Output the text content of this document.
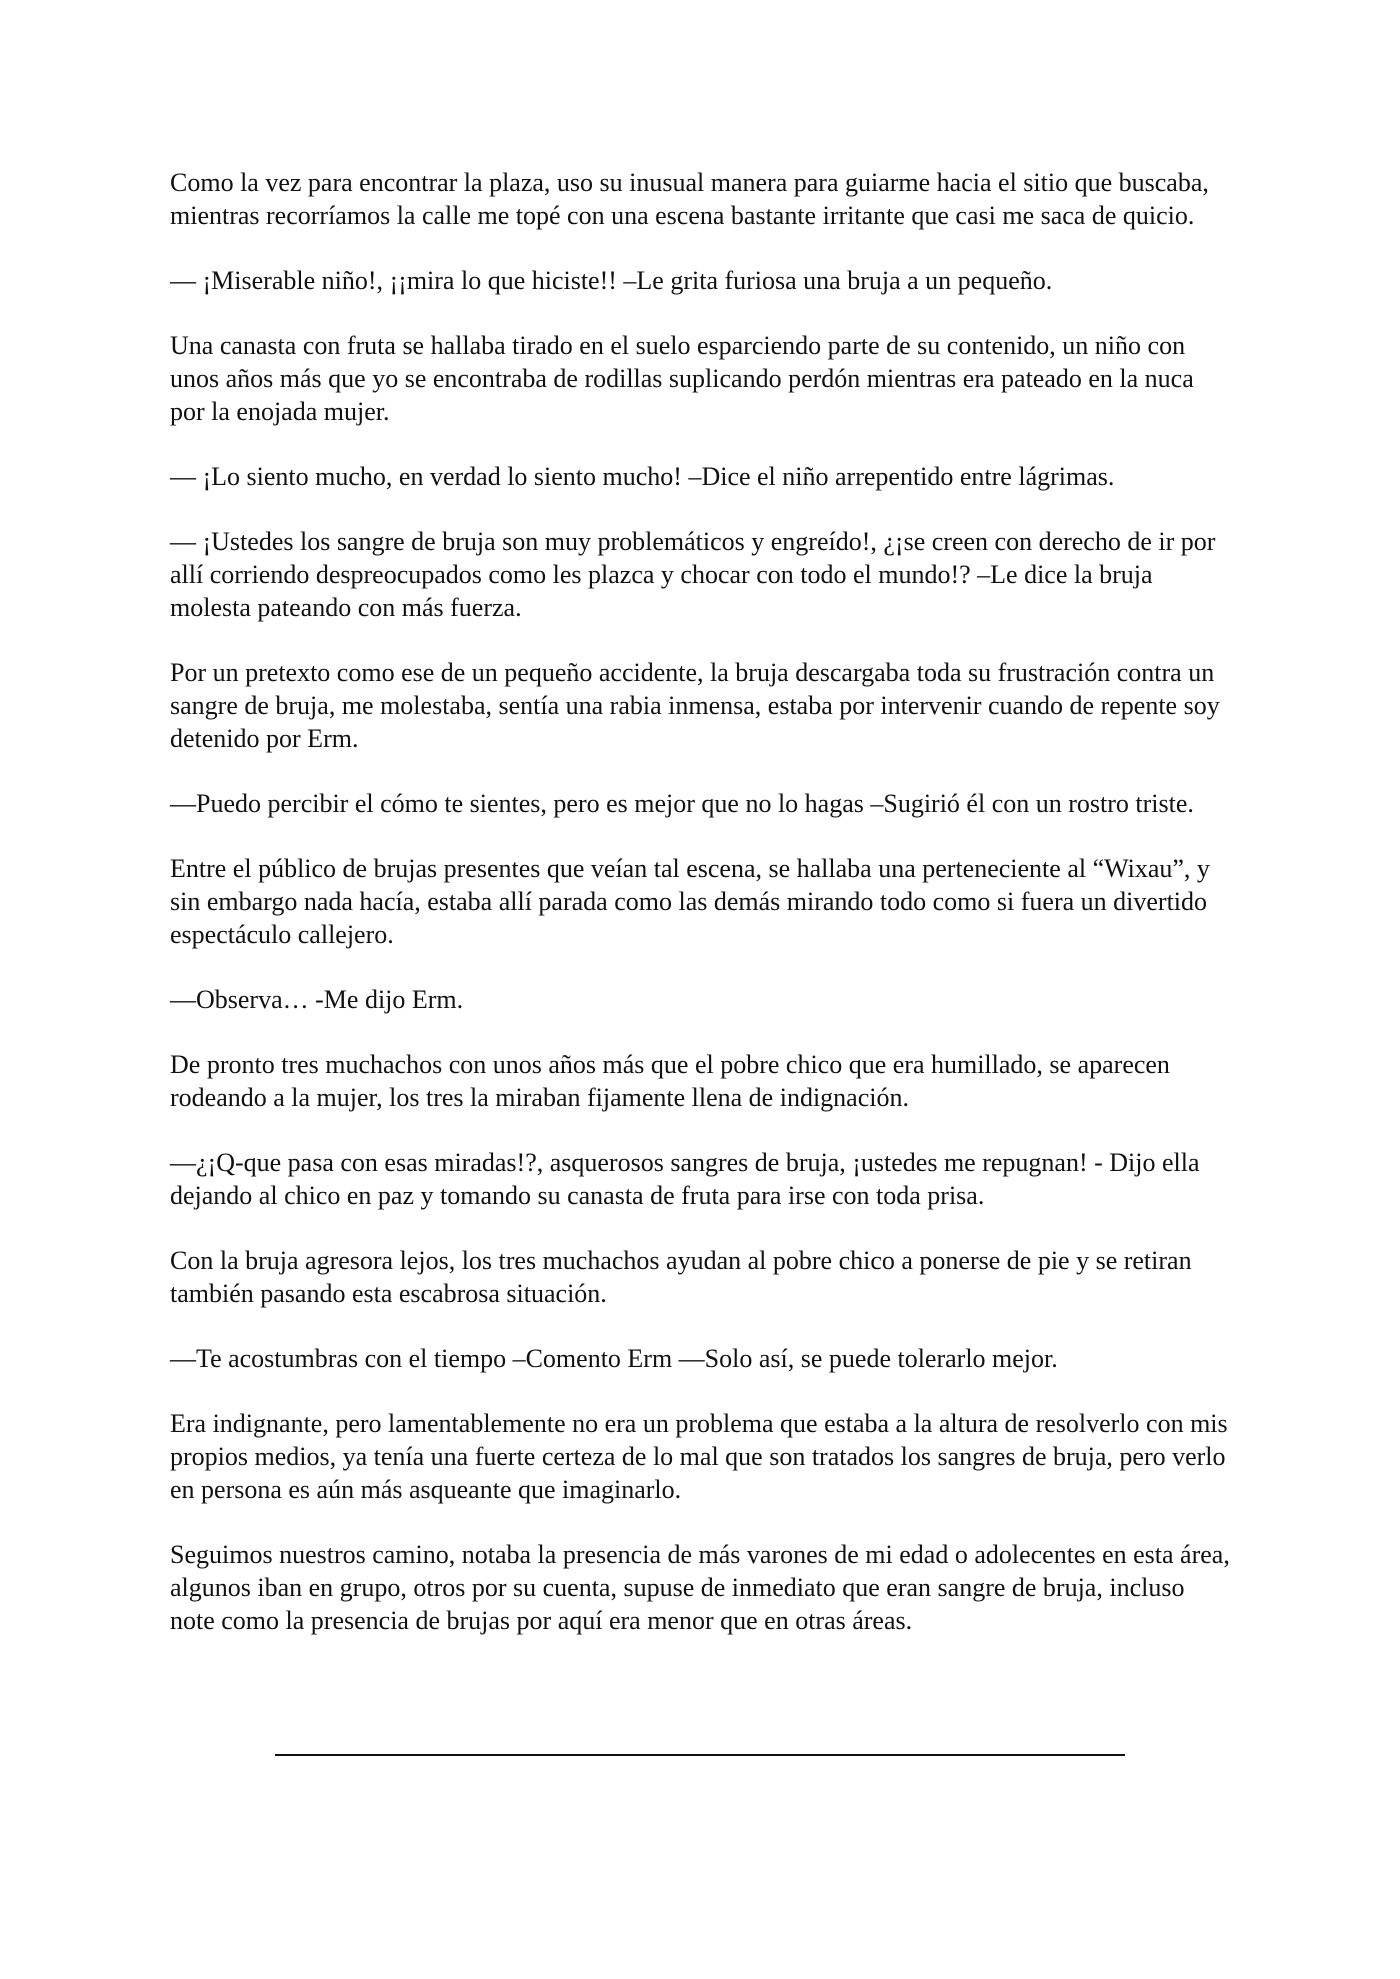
Como la vez para encontrar la plaza, uso su inusual manera para guiarme hacia el sitio que buscaba, mientras recorríamos la calle me topé con una escena bastante irritante que casi me saca de quicio.

— ¡Miserable niño!, ¡¡mira lo que hiciste!! –Le grita furiosa una bruja a un pequeño.

Una canasta con fruta se hallaba tirado en el suelo esparciendo parte de su contenido, un niño con unos años más que yo se encontraba de rodillas suplicando perdón mientras era pateado en la nuca por la enojada mujer.

— ¡Lo siento mucho, en verdad lo siento mucho! –Dice el niño arrepentido entre lágrimas.

— ¡Ustedes los sangre de bruja son muy problemáticos y engreído!, ¿¡se creen con derecho de ir por allí corriendo despreocupados como les plazca y chocar con todo el mundo!? –Le dice la bruja molesta pateando con más fuerza.

Por un pretexto como ese de un pequeño accidente, la bruja descargaba toda su frustración contra un sangre de bruja, me molestaba, sentía una rabia inmensa, estaba por intervenir cuando de repente soy detenido por Erm.

—Puedo percibir el cómo te sientes, pero es mejor que no lo hagas –Sugirió él con un rostro triste.

Entre el público de brujas presentes que veían tal escena, se hallaba una perteneciente al “Wixau”, y sin embargo nada hacía, estaba allí parada como las demás mirando todo como si fuera un divertido espectáculo callejero.

—Observa… -Me dijo Erm.

De pronto tres muchachos con unos años más que el pobre chico que era humillado, se aparecen rodeando a la mujer, los tres la miraban fijamente llena de indignación.

—¿¡Q-que pasa con esas miradas!?, asquerosos sangres de bruja, ¡ustedes me repugnan! - Dijo ella dejando al chico en paz y tomando su canasta de fruta para irse con toda prisa.

Con la bruja agresora lejos, los tres muchachos ayudan al pobre chico a ponerse de pie y se retiran también pasando esta escabrosa situación.

—Te acostumbras con el tiempo –Comento Erm —Solo así, se puede tolerarlo mejor.

Era indignante, pero lamentablemente no era un problema que estaba a la altura de resolverlo con mis propios medios, ya tenía una fuerte certeza de lo mal que son tratados los sangres de bruja, pero verlo en persona es aún más asqueante que imaginarlo.

Seguimos nuestros camino, notaba la presencia de más varones de mi edad o adolecentes en esta área, algunos iban en grupo, otros por su cuenta, supuse de inmediato que eran sangre de bruja, incluso note como la presencia de brujas por aquí era menor que en otras áreas.
